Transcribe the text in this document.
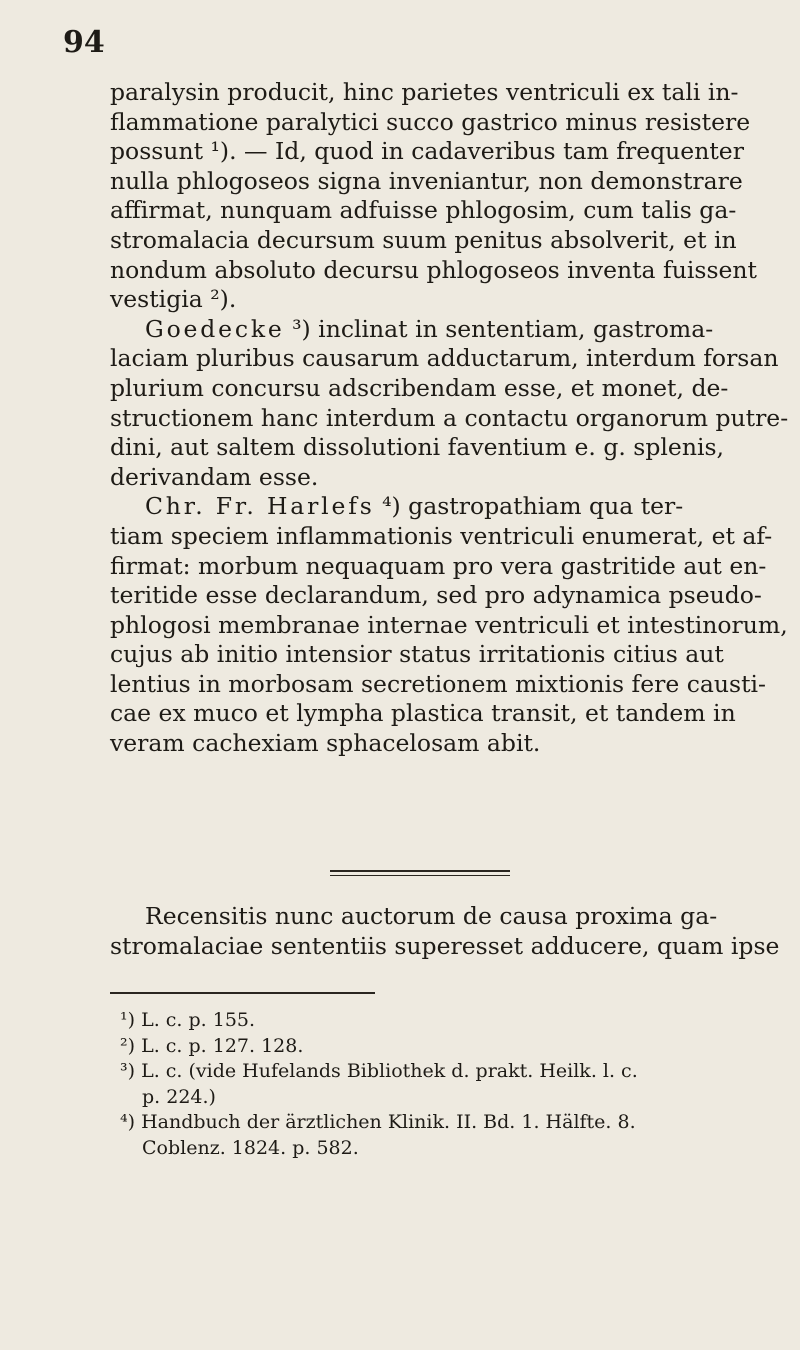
94
paralysin producit, hinc parietes ventriculi ex tali in-
flammatione paralytici succo gastrico minus resistere
possunt ¹). — Id, quod in cadaveribus tam frequenter
nulla phlogoseos signa inveniantur, non demonstrare
affirmat, nunquam adfuisse phlogosim, cum talis ga-
stromalacia decursum suum penitus absolverit, et in
nondum absoluto decursu phlogoseos inventa fuissent
vestigia ²).
Goedecke ³) inclinat in sententiam, gastroma-
laciam pluribus causarum adductarum, interdum forsan
plurium concursu adscribendam esse, et monet, de-
structionem hanc interdum a contactu organorum putre-
dini, aut saltem dissolutioni faventium e. g. splenis,
derivandam esse.
Chr. Fr. Harlefs ⁴) gastropathiam qua ter-
tiam speciem inflammationis ventriculi enumerat, et af-
firmat: morbum nequaquam pro vera gastritide aut en-
teritide esse declarandum, sed pro adynamica pseudo-
phlogosi membranae internae ventriculi et intestinorum,
cujus ab initio intensior status irritationis citius aut
lentius in morbosam secretionem mixtionis fere causti-
cae ex muco et lympha plastica transit, et tandem in
veram cachexiam sphacelosam abit.
Recensitis nunc auctorum de causa proxima ga-
stromalaciae sententiis superesset adducere, quam ipse
¹) L. c. p. 155.
²) L. c. p. 127. 128.
³) L. c. (vide Hufelands Bibliothek d. prakt. Heilk. l. c.
p. 224.)
⁴) Handbuch der ärztlichen Klinik. II. Bd. 1. Hälfte. 8.
Coblenz. 1824. p. 582.
